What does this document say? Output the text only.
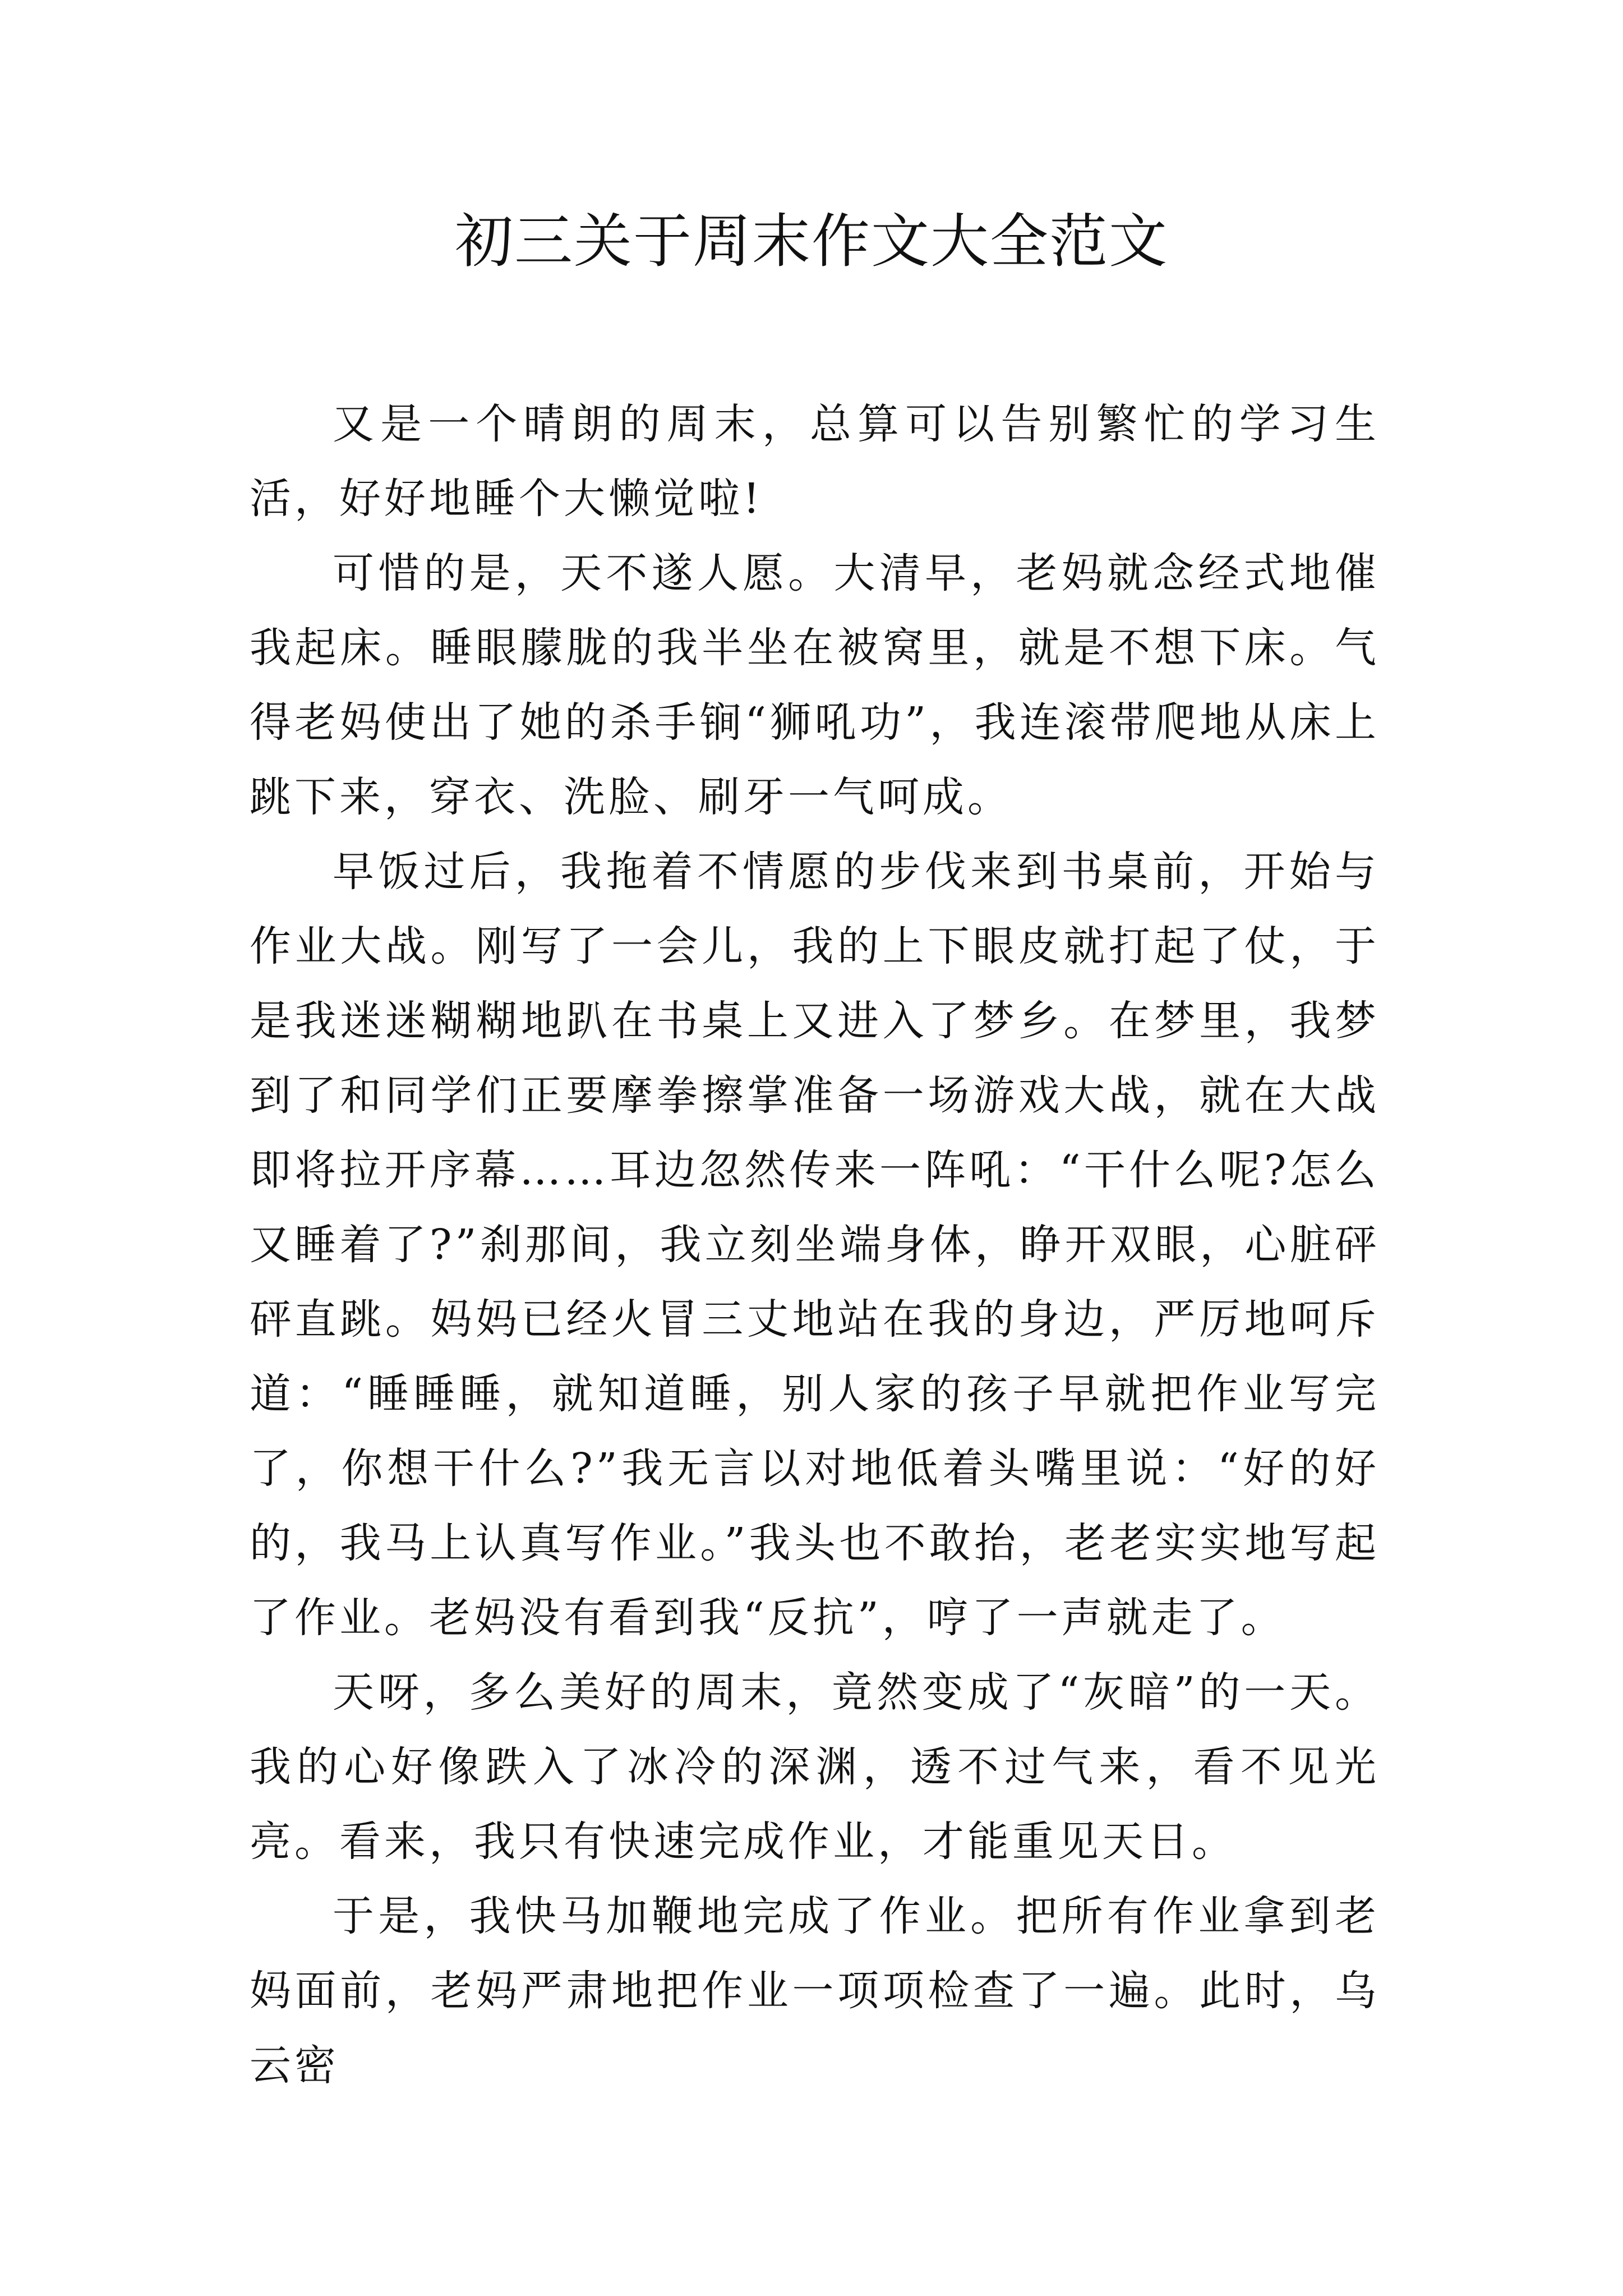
初三关于周末作文大全范文

又是一个晴朗的周末，总算可以告别繁忙的学习生活，好好地睡个大懒觉啦!

可惜的是，天不遂人愿。大清早，老妈就念经式地催我起床。睡眼朦胧的我半坐在被窝里，就是不想下床。气得老妈使出了她的杀手锏“狮吼功”，我连滚带爬地从床上跳下来，穿衣、洗脸、刷牙一气呵成。

早饭过后，我拖着不情愿的步伐来到书桌前，开始与作业大战。刚写了一会儿，我的上下眼皮就打起了仗，于是我迷迷糊糊地趴在书桌上又进入了梦乡。在梦里，我梦到了和同学们正要摩拳擦掌准备一场游戏大战，就在大战即将拉开序幕……耳边忽然传来一阵吼：“干什么呢?怎么又睡着了?”刹那间，我立刻坐端身体，睁开双眼，心脏砰砰直跳。妈妈已经火冒三丈地站在我的身边，严厉地呵斥道：“睡睡睡，就知道睡，别人家的孩子早就把作业写完了，你想干什么?”我无言以对地低着头嘴里说：“好的好的，我马上认真写作业。”我头也不敢抬，老老实实地写起了作业。老妈没有看到我“反抗”，哼了一声就走了。

天呀，多么美好的周末，竟然变成了“灰暗”的一天。我的心好像跌入了冰冷的深渊，透不过气来，看不见光亮。看来，我只有快速完成作业，才能重见天日。

于是，我快马加鞭地完成了作业。把所有作业拿到老妈面前，老妈严肃地把作业一项项检查了一遍。此时，乌云密
